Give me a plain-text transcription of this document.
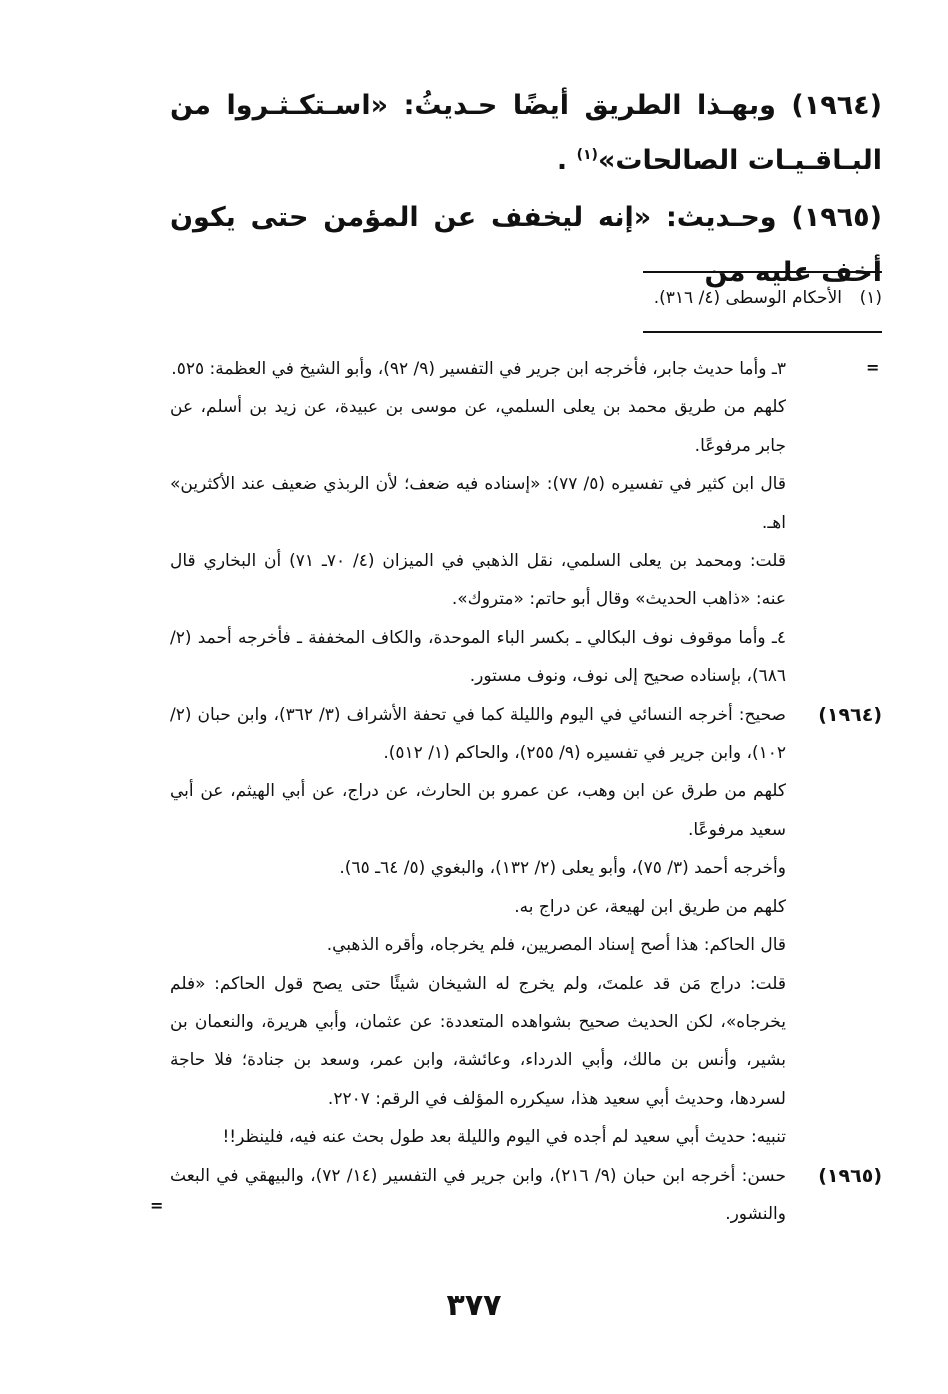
(١٩٦٤) وبهـذا الطريق أيضًا حـديثُ: «اسـتكـثـروا من البـاقـيـات الصالحات»$^{(١)}$ .

(١٩٦٥) وحـديث: «إنه ليخفف عن المؤمن حتى يكون أخف عليه من

(١)الأحكام الوسطى (٤/ ٣١٦).
=

٣ـ وأما حديث جابر، فأخرجه ابن جرير في التفسير (٩/ ٩٢)، وأبو الشيخ في العظمة: ٥٢٥.

كلهم من طريق محمد بن يعلى السلمي، عن موسى بن عبيدة، عن زيد بن أسلم، عن جابر مرفوعًا.

قال ابن كثير في تفسيره (٥/ ٧٧): «إسناده فيه ضعف؛ لأن الربذي ضعيف عند الأكثرين» اهـ.

قلت: ومحمد بن يعلى السلمي، نقل الذهبي في الميزان (٤/ ٧٠ـ ٧١) أن البخاري قال عنه: «ذاهب الحديث» وقال أبو حاتم: «متروك».

٤ـ وأما موقوف نوف البكالي ـ بكسر الباء الموحدة، والكاف المخففة ـ فأخرجه أحمد (٢/ ٦٨٦)، بإسناده صحيح إلى نوف، ونوف مستور.

(١٩٦٤)

صحيح: أخرجه النسائي في اليوم والليلة كما في تحفة الأشراف (٣/ ٣٦٢)، وابن حبان (٢/ ١٠٢)، وابن جرير في تفسيره (٩/ ٢٥٥)، والحاكم (١/ ٥١٢).

كلهم من طرق عن ابن وهب، عن عمرو بن الحارث، عن دراج، عن أبي الهيثم، عن أبي سعيد مرفوعًا.

وأخرجه أحمد (٣/ ٧٥)، وأبو يعلى (٢/ ١٣٢)، والبغوي (٥/ ٦٤ـ ٦٥).

كلهم من طريق ابن لهيعة، عن دراج به.

قال الحاكم: هذا أصح إسناد المصريين، فلم يخرجاه، وأقره الذهبي.

قلت: دراج مَن قد علمتَ، ولم يخرج له الشيخان شيئًا حتى يصح قول الحاكم: «فلم يخرجاه»، لكن الحديث صحيح بشواهده المتعددة: عن عثمان، وأبي هريرة، والنعمان بن بشير، وأنس بن مالك، وأبي الدرداء، وعائشة، وابن عمر، وسعد بن جنادة؛ فلا حاجة لسردها، وحديث أبي سعيد هذا، سيكرره المؤلف في الرقم: ٢٢٠٧.

تنبيه: حديث أبي سعيد لم أجده في اليوم والليلة بعد طول بحث عنه فيه، فلينظر!!

(١٩٦٥)

حسن: أخرجه ابن حبان (٩/ ٢١٦)، وابن جرير في التفسير (١٤/ ٧٢)، والبيهقي في البعث والنشور.

=
٣٧٧
